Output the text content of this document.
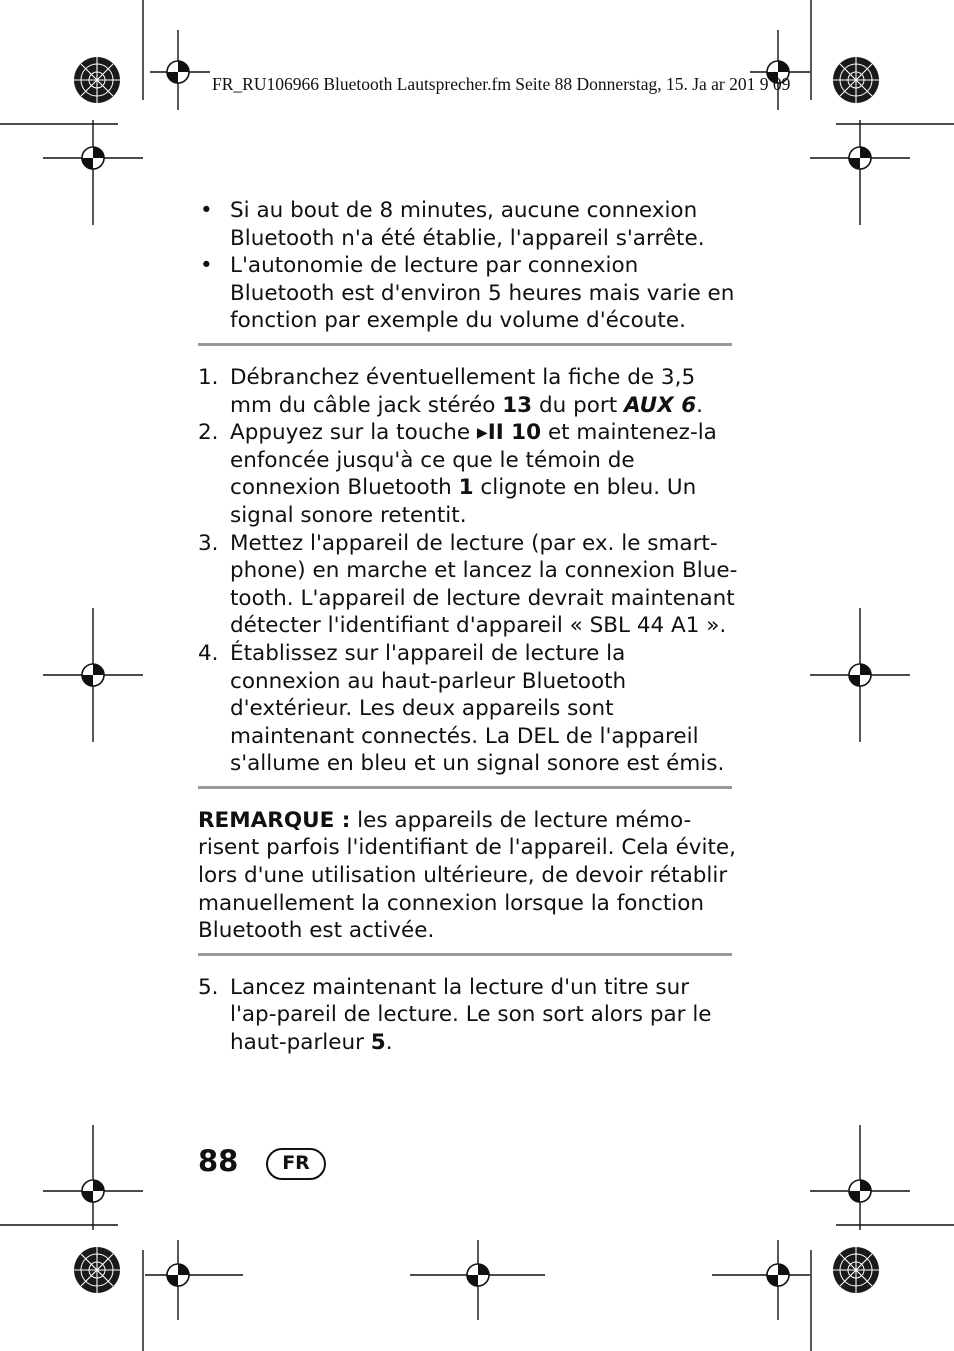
FR_RU106966 Bluetooth Lautsprecher.fm Seite 88 Donnerstag, 15. Ja ar 201 9 09
• Si au bout de 8 minutes, aucune connexion Bluetooth n'a été établie, l'appareil s'arrête.
• L'autonomie de lecture par connexion Bluetooth est d'environ 5 heures mais varie en fonction par exemple du volume d'écoute.
1. Débranchez éventuellement la fiche de 3,5 mm du câble jack stéréo 13 du port AUX 6.
2. Appuyez sur la touche ▸II 10 et maintenez-la enfoncée jusqu'à ce que le témoin de connexion Bluetooth 1 clignote en bleu. Un signal sonore retentit.
3. Mettez l'appareil de lecture (par ex. le smart-phone) en marche et lancez la connexion Blue-tooth. L'appareil de lecture devrait maintenant détecter l'identifiant d'appareil « SBL 44 A1 ».
4. Établissez sur l'appareil de lecture la connexion au haut-parleur Bluetooth d'extérieur. Les deux appareils sont maintenant connectés. La DEL de l'appareil s'allume en bleu et un signal sonore est émis.

REMARQUE : les appareils de lecture mémo-risent parfois l'identifiant de l'appareil. Cela évite, lors d'une utilisation ultérieure, de devoir rétablir manuellement la connexion lorsque la fonction Bluetooth est activée.

5. Lancez maintenant la lecture d'un titre sur l'ap-pareil de lecture. Le son sort alors par le haut-parleur 5.
88	FR
